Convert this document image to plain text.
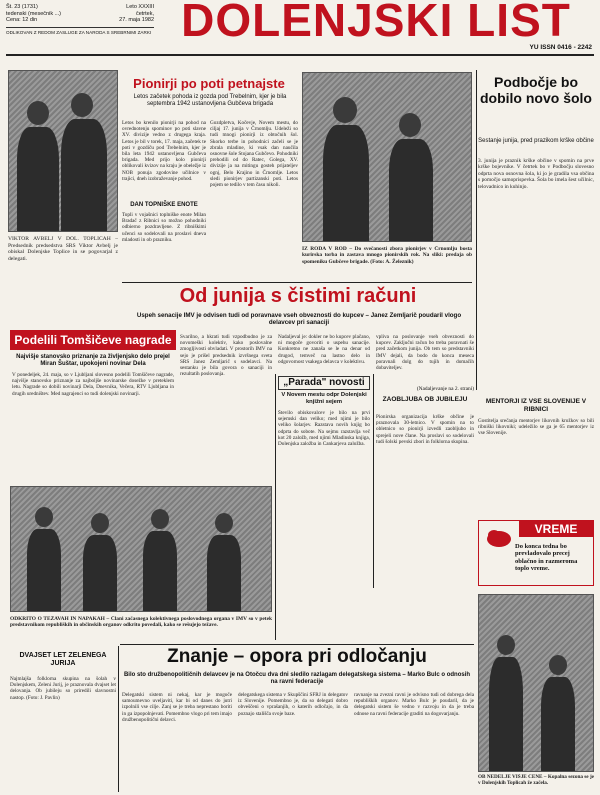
Št. 23 (1731)	Leto XXXIII
tedenski (mesečnik ...)	četrtek,
Cena: 12 din	27. maja 1982
ODLIKOVAN Z REDOM ZASLUGE ZA NARODA S SREBRNIMI ZARKI DOLENJSKI LIST
YU ISSN 0416 - 2242
VIKTOR AVBELJ V DOL. TOPLICAH – Predsednik predsedstva SRS Viktor Avbelj je obiskal Dolenjske Toplice in se pogovarjal z delegati.
Pionirji po poti petnajste
Letos začetek pohoda iz gozda pod Trebelnim, kjer je bila septembra 1942 ustanovljena Gubčeva brigada
Letos bo krenilo pionirji na pohod na ovrednotenju spominov po poti slavne XV. divizije vedno z drugega kraja. Letos je bil v torek, 17. maja, začetek te poti v gozdiču pod Trebelnim, kjer je bila leta 1942 ustanovljena Gubčeva brigada. Med prijo kolo pionirji oblikovali kvizov na kraju je obeležje iz NOB ponuja zgodovine učilnice v trajici, dneh izobraževanje pohod.
DAN TOPNIŠKE ENOTE
Topli v vojašnici toplniške enote Milan Bradač z Ribnici so možno pohodniki odbierno pozdravljene. Z ribniškimi učenci so sodelovali na proslavi dneva mladosti in ob prazniku.
Gozdpletva, Kočevje, Novem mestu, do ciljaj 17. junija v Črnomlju. Udeleži so tudi mnogi pionirji iz obtočnih šol. Skorko terbe in pohodnici začeli se je zbrala mladine, ki vsak dan naučila osnovne šole Stojana Gubčevo. Pohodniki prehodili od do Ratec, Golega, XV. divizije ja na mitingu gosteh prijateljev ognj, Belo Krajino in Črnomlje. Letos sledi pionirjev partizanski poti. Letos pojem se tedilo v tem času nikoli.
IZ RODA V ROD – Do svečanosti zbora pionirjev v Črnomlju bosta kurirska torba in zastava mnogo pionirskih rok. Na sliki: predaja ob spomeniku Gubčeve brigade. (Foto: A. Železnik)
Podbočje bo dobilo novo šolo
Sestanje junija, pred prazikom krške občine
3. junija je praznik krške občine v spomin na prve krške bojevnike. V četrtek bo v Podbočju slovesno odprta nova osnovna šola, ki jo je gradila vsa občina s pomočjo samoprispevka. Šola bo imela šest učilnic, telovadnico in kuhinjo.
Od junija s čistimi računi
Uspeh senacije IMV je odvisen tudi od poravnave vseh obveznosti do kupcev – Janez Zemljarič poudaril vlogo delavcev pri sanaciji
Svarilno, a hkrati tudi vzpodbudno je za novomeški kolektiv, kako poslovalne zmogljivosti obvladati. V prostorih IMV na sejo je prišel predsednik izvršnega sveta SRS Janez Zemljarič s sodelavci. Na sestanku je bila govora o sanaciji in rezultatih poslovanja.
Nadaljeval je: dokler ne bo kupcev plačano, ni mogoče govoriti o uspehu sanacije. Konkretno ne zanaša se le na denar od drugod, temveč na lastno delo in odgovornost vsakega delavca v kolektivu.
vpliva na poslovanje vseh obveznosti do kupcev. Zaključni račun bo treba poravnati še pred začetkom junija. Ob tem so predstavniki IMV dejali, da bodo do konca meseca poravnali dolg do tujih in domačih dobaviteljev.
(Nadaljevanje na 2. strani)
Podelili Tomšičeve nagrade
Najvišje stanovsko priznanje za življenjsko delo prejel Miran Šuštar, upokojeni novinar Dela
V ponedeljek, 24. maja, so v Ljubljani slovesno podelili Tomšičeve nagrade, najvišje stanovsko priznanje za najboljše novinarske dosežke v preteklem letu. Nagrade so dobili novinarji Dela, Dnevnika, Večera, RTV Ljubljana in drugih uredništev. Med nagrajenci so tudi dolenjski novinarji.
„Parada" novosti
V Novem mestu odpr Dolenjski knjižni sejem
Število obiskovalcev je bilo na prvi sejemski dan veliko; med njimi je bilo veliko šolarjev. Razstava novih knjig bo odprta do sobote. Na sejmu razstavlja več kot 20 založb, med njimi Mladinska knjiga, Dolenjska založba in Cankarjeva založba.
ZAOBLJUBA OB JUBILEJU
Pionirska organizacija krške občine je praznovala 30-letnico. V spomin na to obletnico so pionirji izvedli zaobljubo in sprejeli nove člane. Na proslavi so sodelovali tudi šolski pevski zbori in folklorna skupina.
MENTORJI IZ VSE SLOVENIJE V RIBNICI
Gostitelja srečanja mentorjev likovnih krožkov so bili ribniški likovniki; udeležilo se ga je 65 mentorjev iz vse Slovenije.
VREME
Do konca tedna bo prevladovalo precej oblačno in razmeroma toplo vreme.
ODKRITO O TEŽAVAH IN NAPAKAH – Člani začasnega kolektivnega poslovodnega organa v IMV so v petek predstavnikom republiških in občinskih organov odkrito povedali, kako se rešujejo težave.
Znanje – opora pri odločanju
Bilo sto družbenopolitičnih delavcev je na Otočcu dva dni sledilo razlagam delegatskega sistema – Marko Bulc o odnosih na ravni federacije
Delegatski sistem ni nekaj, kar je mogoče samoumevno uveljaviti, kar bi od danes do jutri izpolnili vse cilje. Zanj se je treba neprestano boriti in ga izpopolnjevati. Pomembno vlogo pri tem imajo družbenopolitični delavci.
delegatskega sistema v Skupščini SFRJ in delegatov iz Slovenije. Pomembno je, da so delegati dobro obveščeni o vprašanjih, o katerih odločajo, in da poznajo stališča svoje baze.
ravnanje na zvezni ravni je odvisno tudi od dobrega dela republiških organov. Marko Bulc je poudaril, da je delegatski sistem še vedno v razvoju in da je treba odnose na ravni federacije graditi na dogovarjanju.
DVAJSET LET ZELENEGA JURIJA
Najmlajša folklorna skupina na šolah v Dolenjskem, Zeleni Jurij, je praznovala dvajset let delovanja. Ob jubileju so priredili slavnostni nastop. (Foto: J. Pavlin)
OB NEDELJE VIŠJE CENE – Kopalna sezona se je v Dolenjskih Toplicah že začela.
